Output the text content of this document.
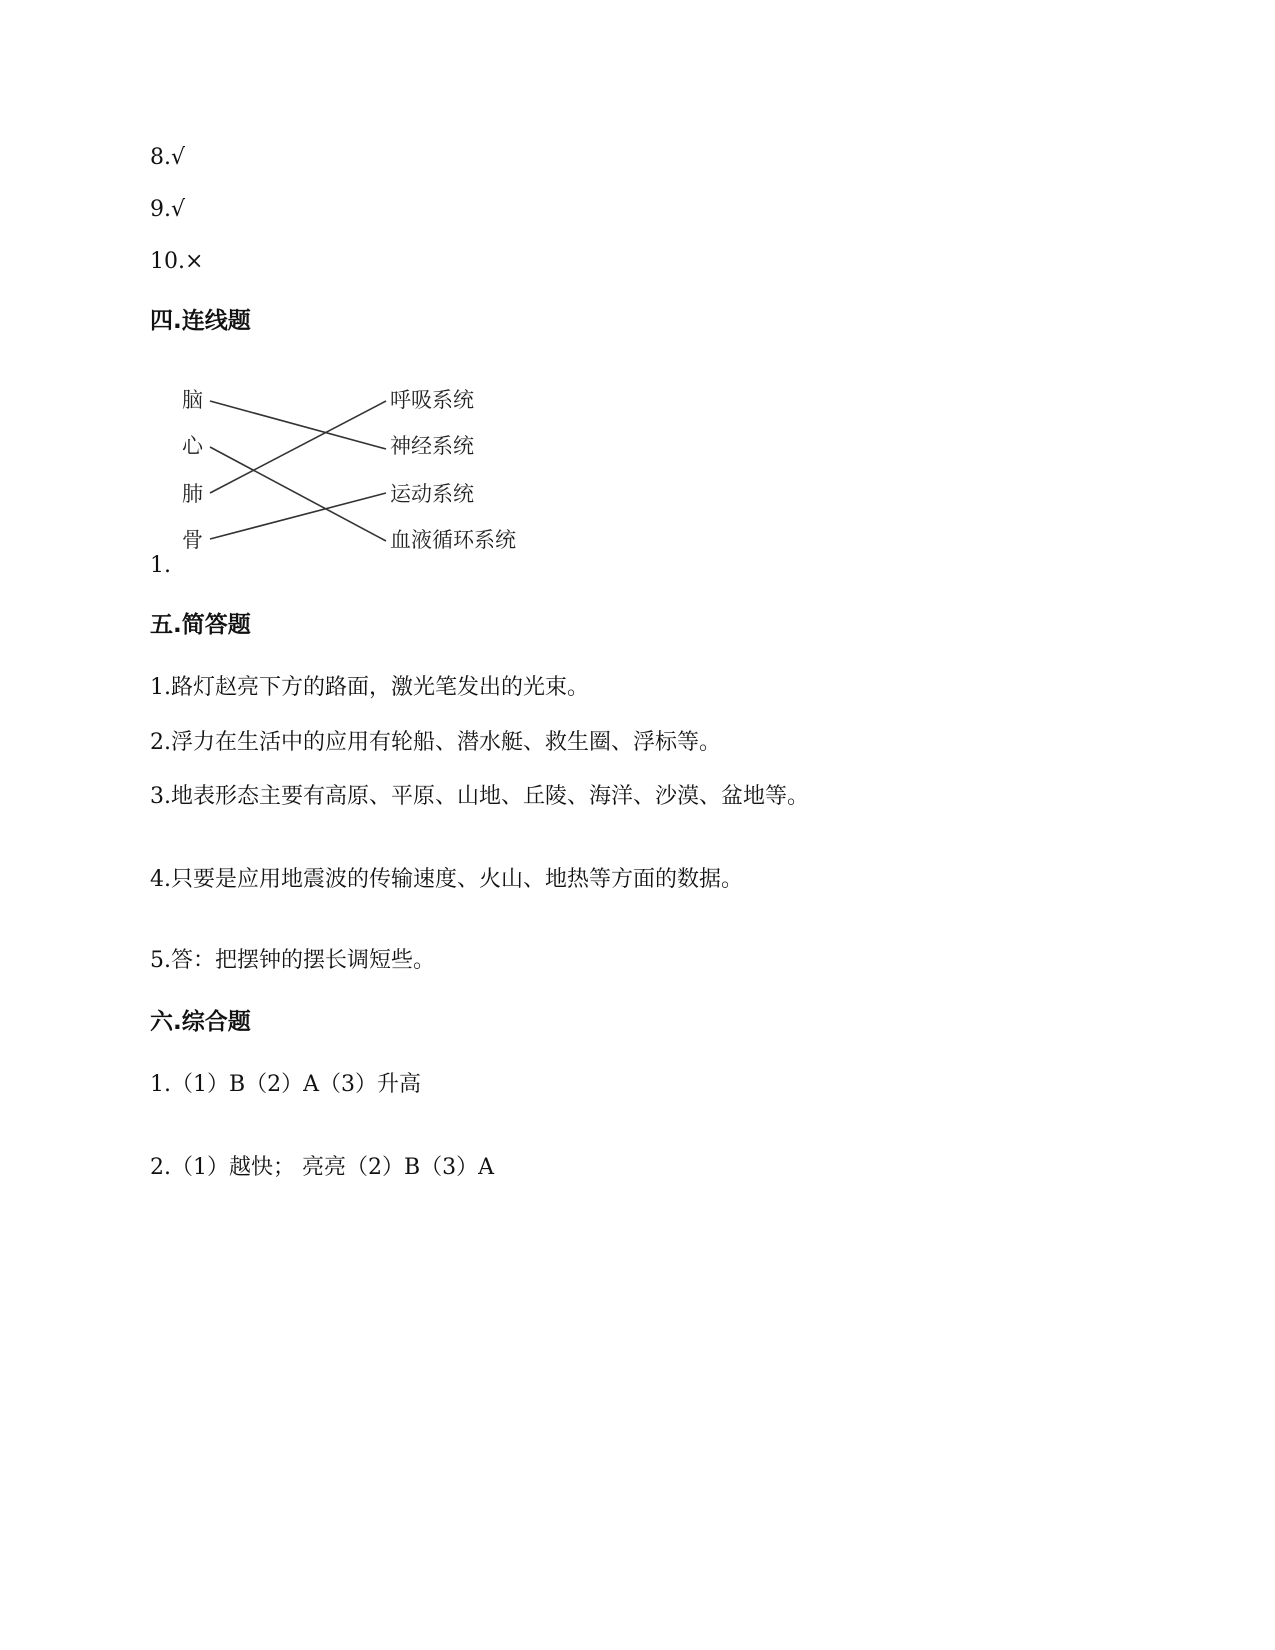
8.√
9.√
10.×
四.连线题
脑
心
肺
骨
呼吸系统
神经系统
运动系统
血液循环系统
1.
五.简答题
1.路灯赵亮下方的路面，激光笔发出的光束。
2.浮力在生活中的应用有轮船、潜水艇、救生圈、浮标等。
3.地表形态主要有高原、平原、山地、丘陵、海洋、沙漠、盆地等。
4.只要是应用地震波的传输速度、火山、地热等方面的数据。
5.答：把摆钟的摆长调短些。
六.综合题
1.（1）B（2）A（3）升高
2.（1）越快； 亮亮（2）B（3）A
